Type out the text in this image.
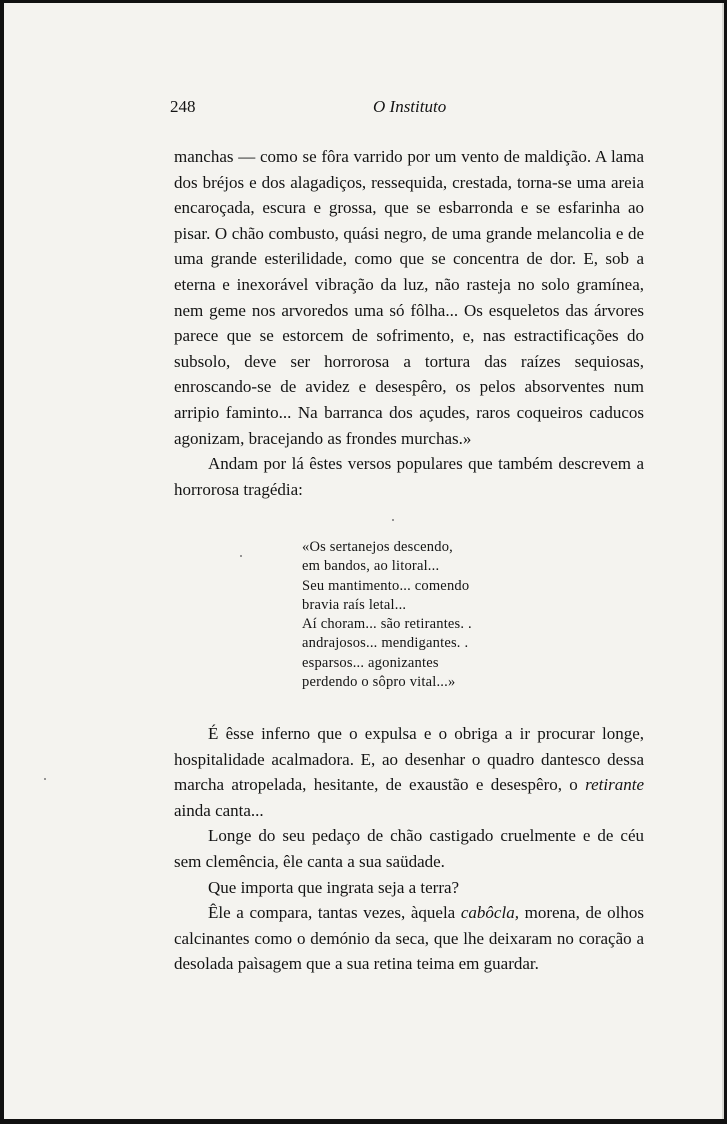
248	O Instituto

manchas — como se fôra varrido por um vento de maldição. A lama dos bréjos e dos alagadiços, ressequida, crestada, torna-se uma areia encaroçada, escura e grossa, que se esbarronda e se esfarinha ao pisar. O chão combusto, quási negro, de uma grande melancolia e de uma grande esterilidade, como que se concentra de dor. E, sob a eterna e inexorável vibração da luz, não rasteja no solo gramínea, nem geme nos arvoredos uma só fôlha... Os esqueletos das árvores parece que se estorcem de sofrimento, e, nas estractificações do subsolo, deve ser horrorosa a tortura das raízes sequiosas, enroscando-se de avidez e desespêro, os pelos absorventes num arripio faminto... Na barranca dos açudes, raros coqueiros caducos agonizam, bracejando as frondes murchas.»

Andam por lá êstes versos populares que também descrevem a horrorosa tragédia:

«Os sertanejos descendo,
em bandos, ao litoral...
Seu mantimento... comendo
bravia raís letal...
Aí choram... são retirantes. .
andrajosos... mendigantes. .
esparsos... agonizantes
perdendo o sôpro vital...»

É êsse inferno que o expulsa e o obriga a ir procurar longe, hospitalidade acalmadora. E, ao desenhar o quadro dantesco dessa marcha atropelada, hesitante, de exaustão e desespêro, o retirante ainda canta...

Longe do seu pedaço de chão castigado cruelmente e de céu sem clemência, êle canta a sua saüdade.

Que importa que ingrata seja a terra?

Êle a compara, tantas vezes, àquela cabôcla, morena, de olhos calcinantes como o demónio da seca, que lhe deixaram no coração a desolada paìsagem que a sua retina teima em guardar.
